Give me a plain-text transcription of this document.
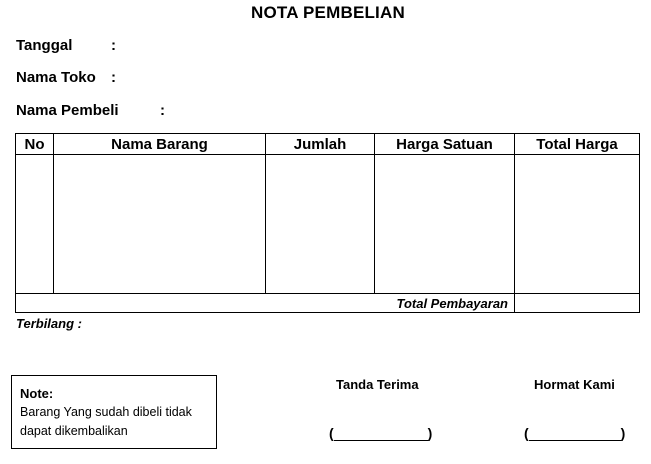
NOTA PEMBELIAN
Tanggal	:
Nama Toko :
Nama Pembeli	:
No	Nama Barang	Jumlah	Harga Satuan	Total Harga

Total Pembayaran				
Terbilang :
Note:
Barang Yang sudah dibeli tidak
dapat dikembalikan
Tanda Terima	Hormat Kami
(	)	(	)
